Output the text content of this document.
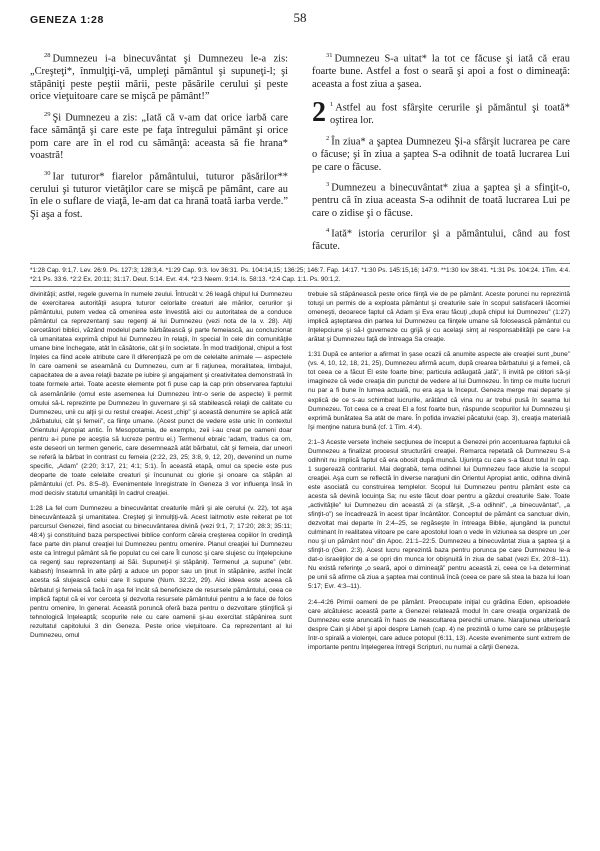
GENEZA 1:28	58

$^{28}$ Dumnezeu i-a binecuvântat şi Dumnezeu le-a zis: „Creşteţi*, înmulţiţi-vă, umpleţi pământul şi supuneţi-l; şi stăpâniţi peste peştii mării, peste păsările cerului şi peste orice vieţuitoare care se mişcă pe pământ!”

$^{29}$ Şi Dumnezeu a zis: „Iată că v-am dat orice iarbă care face sămânţă şi care este pe faţa întregului pământ şi orice pom care are în el rod cu sămânţă: aceasta să fie hrana* voastră!

$^{30}$ Iar tuturor* fiarelor pământului, tuturor păsărilor** cerului şi tuturor vietăţilor care se mişcă pe pământ, care au în ele o suflare de viaţă, le-am dat ca hrană toată iarba verde.” Şi aşa a fost.

$^{31}$ Dumnezeu S-a uitat* la tot ce făcuse şi iată că erau foarte bune. Astfel a fost o seară şi apoi a fost o dimineaţă: aceasta a fost ziua a şasea.

2 $^1$ Astfel au fost sfârşite cerurile şi pământul şi toată* oştirea lor.

$^2$ În ziua* a şaptea Dumnezeu Şi-a sfârşit lucrarea pe care o făcuse; şi în ziua a şaptea S-a odihnit de toată lucrarea Lui pe care o făcuse.

$^3$ Dumnezeu a binecuvântat* ziua a şaptea şi a sfinţit-o, pentru că în ziua aceasta S-a odihnit de toată lucrarea Lui pe care o zidise şi o făcuse.

$^4$ Iată* istoria cerurilor şi a pământului, când au fost făcute.

*1:28 Cap. 9:1,7. Lev. 26:9. Ps. 127:3; 128:3,4. *1:29 Cap. 9:3. Iov 36:31. Ps. 104:14,15; 136:25; 146:7. Fap. 14:17. *1:30 Ps. 145:15,16; 147:9. **1:30 Iov 38:41. *1:31 Ps. 104:24. 1Tim. 4:4. *2:1 Ps. 33:6. *2:2 Ex. 20:11; 31:17. Deut. 5:14. Evr. 4:4. *2:3 Neem. 9:14. Is. 58:13. *2:4 Cap. 1:1. Ps. 90:1,2.

divinităţii; astfel, regele guverna în numele zeului. Întrucât v. 26 leagă chipul lui Dumnezeu de exercitarea autorităţii asupra tuturor celorlalte creaturi ale mărilor, cerurilor şi pământului, putem vedea că omenirea este învestită aici cu autoritatea de a conduce pământul ca reprezentanţi sau regenţi ai lui Dumnezeu (vezi nota de la v. 28). Alţi cercetători biblici, văzând modelul parte bărbătească şi parte femeiască, au concluzionat că umanitatea exprimă chipul lui Dumnezeu în relaţii, în special în cele din comunităţile umane bine închegate, atât în căsătorie, cât şi în societate. În mod tradiţional, chipul a fost înţeles ca fiind acele atribute care îl diferenţiază pe om de celelalte animale — aspectele în care oamenii se aseamănă cu Dumnezeu, cum ar fi raţiunea, moralitatea, limbajul, capacitatea de a avea relaţii bazate pe iubire şi angajament şi creativitatea demonstrată în toate formele artei. Toate aceste elemente pot fi puse cap la cap prin observarea faptului că asemănările (omul este asemenea lui Dumnezeu într-o serie de aspecte) îi permit omului să-L reprezinte pe Dumnezeu în guvernare şi să stabilească relaţii de calitate cu Dumnezeu, unii cu alţii şi cu restul creaţiei. Acest „chip” şi această denumire se aplică atât „bărbatului, cât şi femeii”, ca fiinţe umane. (Acest punct de vedere este unic în contextul Orientului Apropiat antic. În Mesopotamia, de exemplu, zeii i-au creat pe oameni doar pentru a-i pune pe aceştia să lucreze pentru ei.) Termenul ebraic 'adam, tradus ca om, este deseori un termen generic, care desemnează atât bărbatul, cât şi femeia, dar uneori se referă la bărbat în contrast cu femeia (2:22, 23, 25; 3:8, 9, 12, 20), devenind un nume specific, „Adam” (2:20; 3:17, 21; 4:1; 5:1). În această etapă, omul ca specie este pus deoparte de toate celelalte creaturi şi încununat cu glorie şi onoare ca stăpân al pământului (cf. Ps. 8:5–8). Evenimentele înregistrate în Geneza 3 vor influenţa însă în mod decisiv statutul umanităţii în cadrul creaţiei.

1:28 La fel cum Dumnezeu a binecuvântat creaturile mării şi ale cerului (v. 22), tot aşa binecuvântează şi umanitatea. Creşteţi şi înmulţiţi-vă. Acest laitmotiv este reiterat pe tot parcursul Genezei, fiind asociat cu binecuvântarea divină (vezi 9:1, 7; 17:20; 28:3; 35:11; 48:4) şi constituind baza perspectivei biblice conform căreia creşterea copiilor în credinţă face parte din planul creaţiei lui Dumnezeu pentru omenire. Planul creaţiei lui Dumnezeu este ca întregul pământ să fie populat cu cei care Îl cunosc şi care slujesc cu înţelepciune ca regenţi sau reprezentanţi ai Săi. Supuneţi-l şi stăpâniţi. Termenul „a supune” (ebr. kabash) înseamnă în alte părţi a aduce un popor sau un ţinut în stăpânire, astfel încât acesta să slujească celui care îl supune (Num. 32:22, 29). Aici ideea este aceea că bărbatul şi femeia să facă în aşa fel încât să beneficieze de resursele pământului, ceea ce implică faptul că ei vor cerceta şi dezvolta resursele pământului pentru a le face de folos pentru omenire, în general. Această poruncă oferă baza pentru o dezvoltare ştiinţifică şi tehnologică înţeleaptă; scopurile rele cu care oamenii şi-au exercitat stăpânirea sunt rezultatul capitolului 3 din Geneza. Peste orice vieţuitoare. Ca reprezentant al lui Dumnezeu, omul

trebuie să stăpânească peste orice fiinţă vie de pe pământ. Aceste porunci nu reprezintă totuşi un permis de a exploata pământul şi creaturile sale în scopul satisfacerii lăcomiei omeneşti, deoarece faptul că Adam şi Eva erau făcuţi „după chipul lui Dumnezeu” (1:27) implică aşteptarea din partea lui Dumnezeu ca fiinţele umane să folosească pământul cu înţelepciune şi să-l guverneze cu grijă şi cu acelaşi simţ al responsabilităţii pe care l-a arătat şi Dumnezeu faţă de întreaga Sa creaţie.

1:31 După ce anterior a afirmat în şase ocazii că anumite aspecte ale creaţiei sunt „bune” (vs. 4, 10, 12, 18, 21, 25), Dumnezeu afirmă acum, după crearea bărbatului şi a femeii, că tot ceea ce a făcut El este foarte bine; particula adăugată „iată”, îi invită pe cititori să-şi imagineze că vede creaţia din punctul de vedere al lui Dumnezeu. În timp ce multe lucruri nu par a fi bune în lumea actuală, nu era aşa la început. Geneza merge mai departe şi explică de ce s-au schimbat lucrurile, arătând că vina nu ar trebui pusă în seama lui Dumnezeu. Tot ceea ce a creat El a fost foarte bun, răspunde scopurilor lui Dumnezeu şi exprimă bunătatea Sa atât de mare. În pofida invaziei păcatului (cap. 3), creaţia materială îşi menţine natura bună (cf. 1 Tim. 4:4).

2:1–3 Aceste versete încheie secţiunea de început a Genezei prin accentuarea faptului că Dumnezeu a finalizat procesul structurării creaţiei. Remarca repetată că Dumnezeu S-a odihnit nu implică faptul că era obosit după muncă. Ujurinţa cu care s-a făcut totul în cap. 1 sugerează contrariul. Mai degrabă, tema odihnei lui Dumnezeu face aluzie la scopul creaţiei. Aşa cum se reflectă în diverse naraţiuni din Orientul Apropiat antic, odihna divină este asociată cu construirea templelor. Scopul lui Dumnezeu pentru pământ este ca acesta să devină locuinţa Sa; nu este făcut doar pentru a găzdui creaturile Sale. Toate „activităţile” lui Dumnezeu din această zi (a sfârşit, „S-a odihnit”, „a binecuvântat”, „a sfinţit-o”) se încadrează în acest tipar încântător. Conceptul de pământ ca sanctuar divin, dezvoltat mai departe în 2:4–25, se regăseşte în întreaga Biblie, ajungând la punctul culminant în realitatea viitoare pe care apostolul Ioan o vede în viziunea sa despre un „cer nou şi un pământ nou” din Apoc. 21:1–22:5. Dumnezeu a binecuvântat ziua a şaptea şi a sfinţit-o (Gen. 2:3). Acest lucru reprezintă baza pentru porunca pe care Dumnezeu le-a dat-o israeliţilor de a se opri din munca lor obişnuită în ziua de sabat (vezi Ex. 20:8–11). Nu există referinţe „o seară, apoi o dimineaţă” pentru această zi, ceea ce l-a determinat pe unii să afirme că ziua a şaptea mai continuă încă (ceea ce pare să stea la baza lui Ioan 5:17; Evr. 4:3–11).

2:4–4:26 Primii oameni de pe pământ. Preocupate iniţial cu grădina Eden, episoadele care alcătuiesc această parte a Genezei relatează modul în care creaţia organizată de Dumnezeu este aruncată în haos de neascultarea perechii umane. Naraţiunea ulterioară despre Cain şi Abel şi apoi despre Lameh (cap. 4) ne prezintă o lume care se prăbuşeşte într-o spirală a violenţei, care aduce potopul (6:11, 13). Aceste evenimente sunt extrem de importante pentru înţelegerea întregii Scripturi, nu numai a cărţii Geneza.
